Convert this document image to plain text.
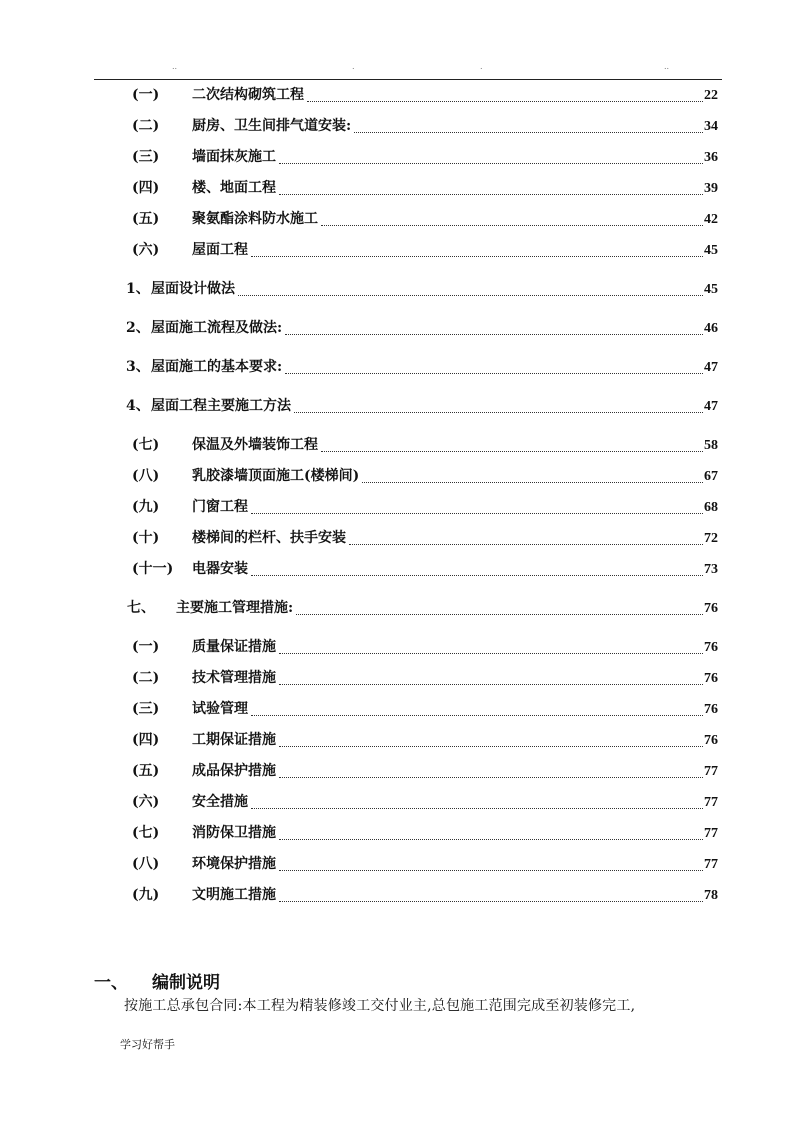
..	.	.	..
(一) 二次结构砌筑工程	22
(二) 厨房、卫生间排气道安装:	34
(三) 墙面抹灰施工	36
(四) 楼、地面工程	39
(五) 聚氨酯涂料防水施工	42
(六) 屋面工程	45
1、 屋面设计做法	45
2、 屋面施工流程及做法:	46
3、 屋面施工的基本要求:	47
4、 屋面工程主要施工方法	47
(七) 保温及外墙装饰工程	58
(八) 乳胶漆墙顶面施工(楼梯间)	67
(九) 门窗工程	68
(十) 楼梯间的栏杆、扶手安装	72
(十一) 电器安装	73
七、 主要施工管理措施:	76
(一) 质量保证措施	76
(二) 技术管理措施	76
(三) 试验管理	76
(四) 工期保证措施	76
(五) 成品保护措施	77
(六) 安全措施	77
(七) 消防保卫措施	77
(八) 环境保护措施	77
(九) 文明施工措施	78
一、 编制说明
按施工总承包合同:本工程为精装修竣工交付业主,总包施工范围完成至初装修完工,
学习好帮手
